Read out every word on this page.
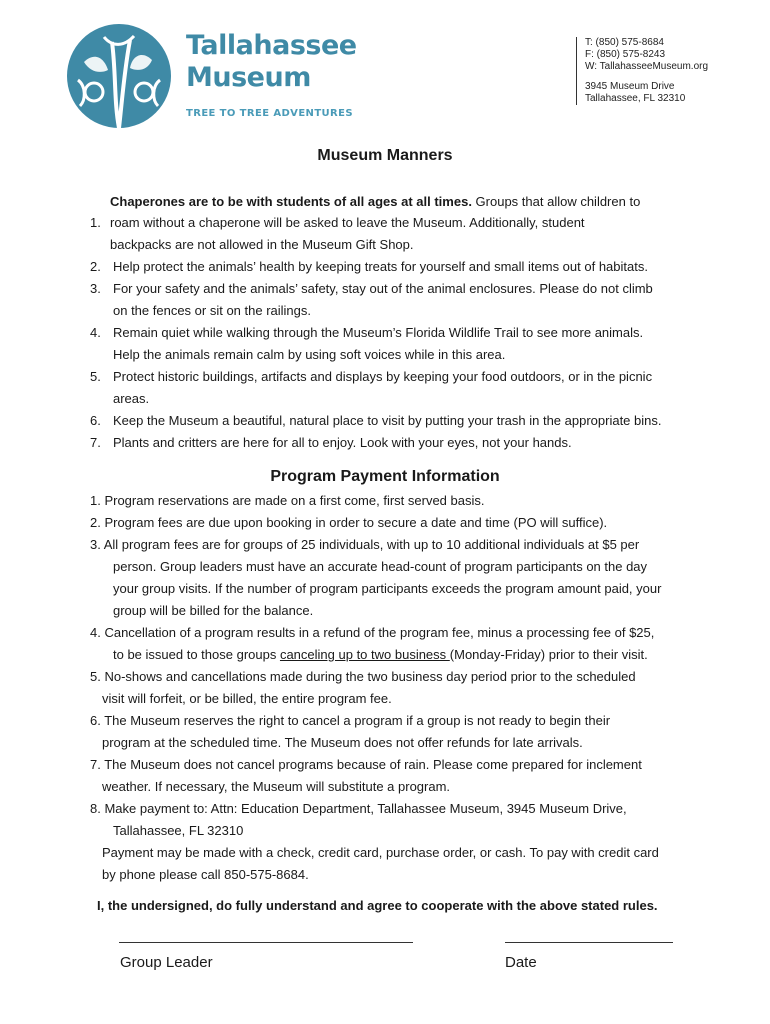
Tallahassee
Museum
TREE TO TREE ADVENTURES
T: (850) 575-8684
F: (850) 575-8243
W: TallahasseeMuseum.org
3945 Museum Drive
Tallahassee, FL 32310
Museum Manners
Chaperones are to be with students of all ages at all times. Groups that allow children to
1. roam without a chaperone will be asked to leave the Museum. Additionally, student
backpacks are not allowed in the Museum Gift Shop.
2. Help protect the animals’ health by keeping treats for yourself and small items out of habitats.
3. For your safety and the animals’ safety, stay out of the animal enclosures. Please do not climb
on the fences or sit on the railings.
4. Remain quiet while walking through the Museum’s Florida Wildlife Trail to see more animals.
Help the animals remain calm by using soft voices while in this area.
5. Protect historic buildings, artifacts and displays by keeping your food outdoors, or in the picnic
areas.
6. Keep the Museum a beautiful, natural place to visit by putting your trash in the appropriate bins.
7. Plants and critters are here for all to enjoy. Look with your eyes, not your hands.
Program Payment Information
1. Program reservations are made on a first come, first served basis.
2. Program fees are due upon booking in order to secure a date and time (PO will suffice).
3. All program fees are for groups of 25 individuals, with up to 10 additional individuals at $5 per
person. Group leaders must have an accurate head-count of program participants on the day
your group visits. If the number of program participants exceeds the program amount paid, your
group will be billed for the balance.
4. Cancellation of a program results in a refund of the program fee, minus a processing fee of $25,
to be issued to those groups canceling up to two business (Monday-Friday) prior to their visit.
5. No-shows and cancellations made during the two business day period prior to the scheduled
visit will forfeit, or be billed, the entire program fee.
6. The Museum reserves the right to cancel a program if a group is not ready to begin their
program at the scheduled time. The Museum does not offer refunds for late arrivals.
7. The Museum does not cancel programs because of rain. Please come prepared for inclement
weather. If necessary, the Museum will substitute a program.
8. Make payment to: Attn: Education Department, Tallahassee Museum, 3945 Museum Drive,
Tallahassee, FL 32310
Payment may be made with a check, credit card, purchase order, or cash. To pay with credit card
by phone please call 850-575-8684.
I, the undersigned, do fully understand and agree to cooperate with the above stated rules.
Group Leader	Date
